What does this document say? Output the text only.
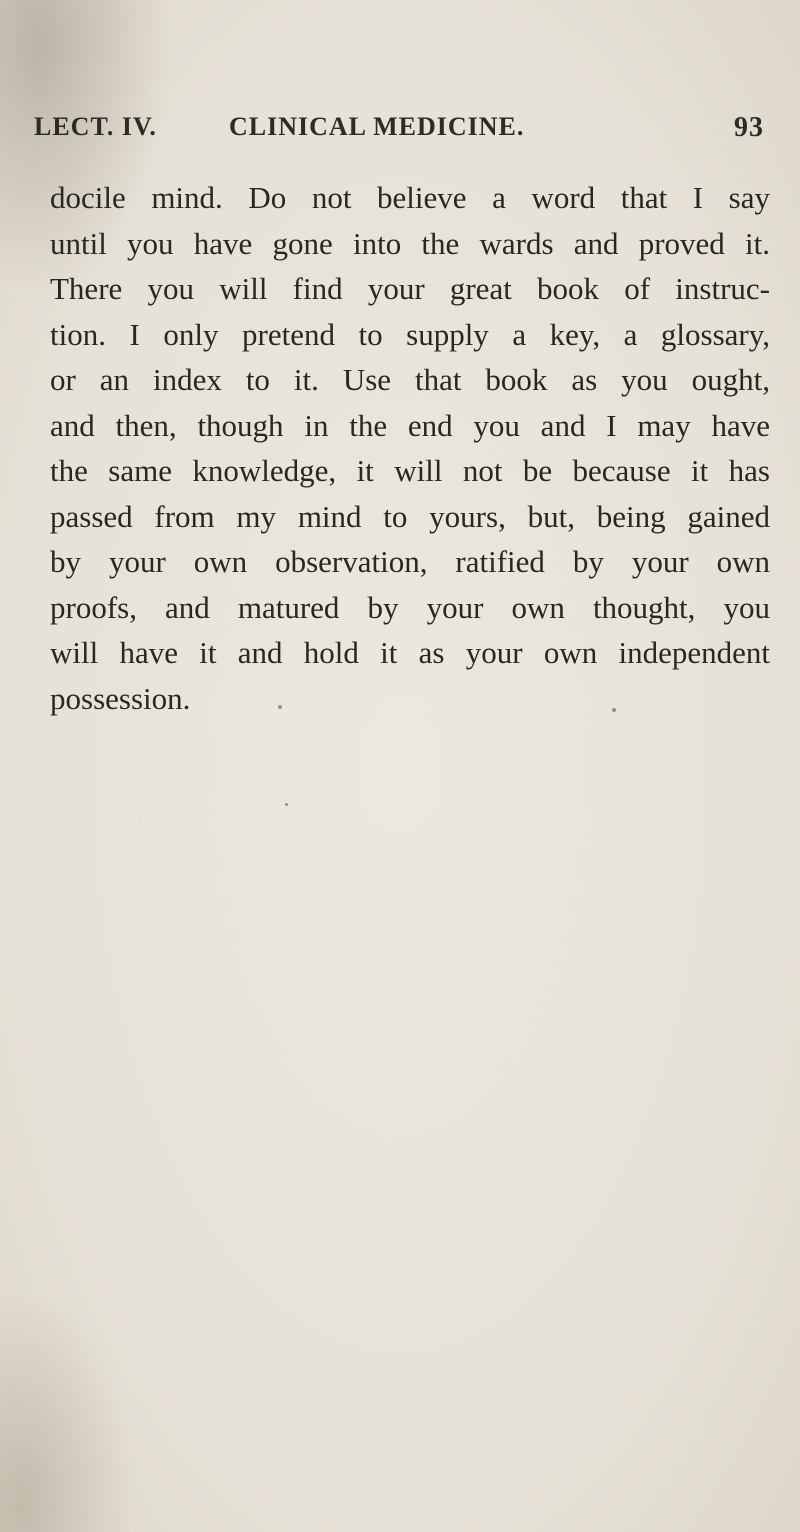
LECT. IV.	CLINICAL MEDICINE.	93
docile mind. Do not believe a word that I say
until you have gone into the wards and proved it.
There you will find your great book of instruc-
tion. I only pretend to supply a key, a glossary,
or an index to it. Use that book as you ought,
and then, though in the end you and I may have
the same knowledge, it will not be because it has
passed from my mind to yours, but, being gained
by your own observation, ratified by your own
proofs, and matured by your own thought, you
will have it and hold it as your own independent
possession.
